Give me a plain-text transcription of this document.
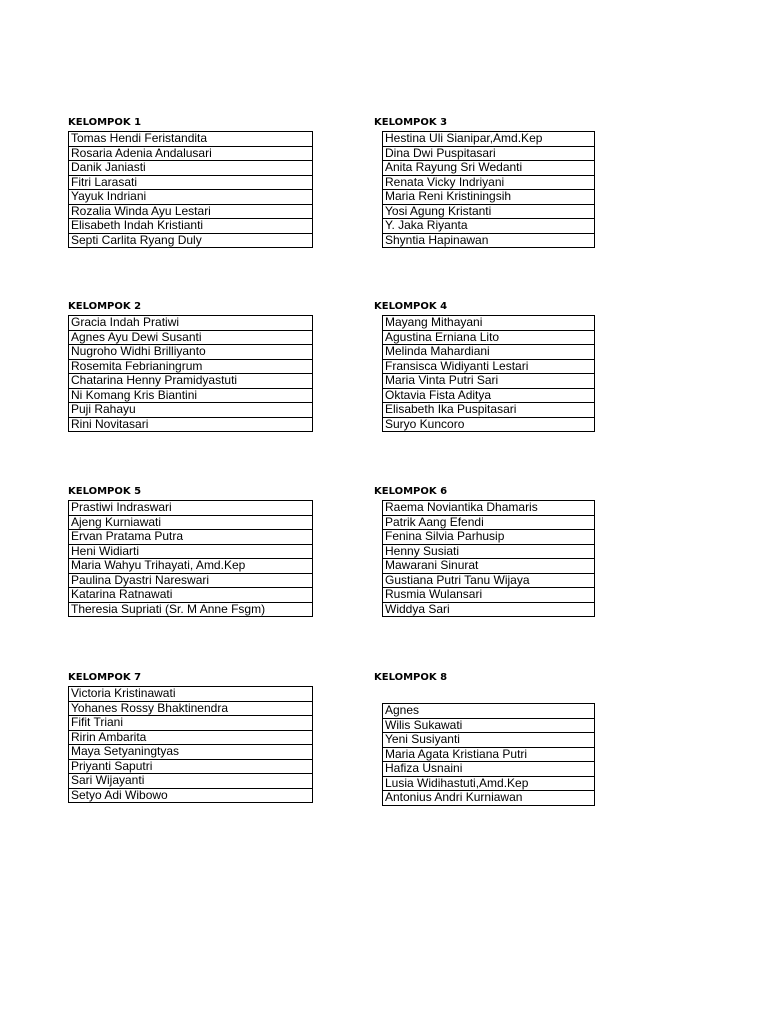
KELOMPOK 1
Tomas Hendi Feristandita
Rosaria Adenia Andalusari
Danik Janiasti
Fitri Larasati
Yayuk Indriani
Rozalia Winda Ayu Lestari
Elisabeth Indah Kristianti
Septi Carlita Ryang Duly
KELOMPOK 2
Gracia Indah Pratiwi
Agnes Ayu Dewi Susanti
Nugroho Widhi Brilliyanto
Rosemita Febrianingrum
Chatarina Henny Pramidyastuti
Ni Komang Kris Biantini
Puji Rahayu
Rini Novitasari
KELOMPOK 5
Prastiwi Indraswari
Ajeng Kurniawati
Ervan Pratama Putra
Heni Widiarti
Maria Wahyu Trihayati, Amd.Kep
Paulina Dyastri Nareswari
Katarina Ratnawati
Theresia Supriati (Sr. M Anne Fsgm)
KELOMPOK 7
Victoria Kristinawati
Yohanes Rossy Bhaktinendra
Fifit Triani
Ririn Ambarita
Maya Setyaningtyas
Priyanti Saputri
Sari Wijayanti
Setyo Adi Wibowo
KELOMPOK 3
Hestina Uli Sianipar,Amd.Kep
Dina Dwi Puspitasari
Anita Rayung Sri Wedanti
Renata Vicky Indriyani
Maria Reni Kristiningsih
Yosi Agung Kristanti
Y. Jaka Riyanta
Shyntia Hapinawan
KELOMPOK 4
Mayang Mithayani
Agustina Erniana Lito
Melinda Mahardiani
Fransisca Widiyanti Lestari
Maria Vinta Putri Sari
Oktavia Fista Aditya
Elisabeth Ika Puspitasari
Suryo Kuncoro
KELOMPOK 6
Raema Noviantika Dhamaris
Patrik Aang Efendi
Fenina Silvia Parhusip
Henny Susiati
Mawarani Sinurat
Gustiana Putri Tanu Wijaya
Rusmia Wulansari
Widdya Sari
KELOMPOK 8
Agnes
Wilis Sukawati
Yeni Susiyanti
Maria Agata Kristiana Putri
Hafiza Usnaini
Lusia Widihastuti,Amd.Kep
Antonius Andri Kurniawan
